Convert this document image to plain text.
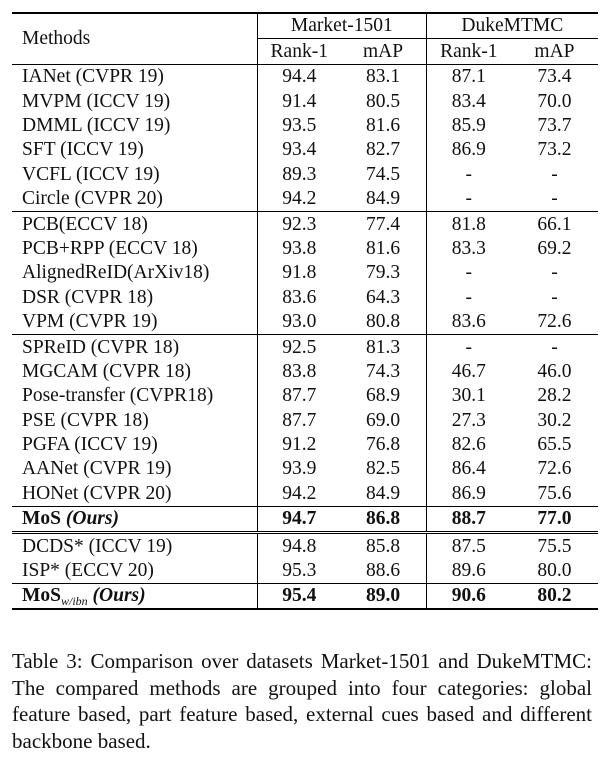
Methods	Market-1501		DukeMTMC	
	Rank-1	mAP	Rank-1	mAP
IANet (CVPR 19)	94.4	83.1	87.1	73.4
MVPM (ICCV 19)	91.4	80.5	83.4	70.0
DMML (ICCV 19)	93.5	81.6	85.9	73.7
SFT (ICCV 19)	93.4	82.7	86.9	73.2
VCFL (ICCV 19)	89.3	74.5	-	-
Circle (CVPR 20)	94.2	84.9	-	-
PCB(ECCV 18)	92.3	77.4	81.8	66.1
PCB+RPP (ECCV 18)	93.8	81.6	83.3	69.2
AlignedReID(ArXiv18)	91.8	79.3	-	-
DSR (CVPR 18)	83.6	64.3	-	-
VPM (CVPR 19)	93.0	80.8	83.6	72.6
SPReID (CVPR 18)	92.5	81.3	-	-
MGCAM (CVPR 18)	83.8	74.3	46.7	46.0
Pose-transfer (CVPR18)	87.7	68.9	30.1	28.2
PSE (CVPR 18)	87.7	69.0	27.3	30.2
PGFA (ICCV 19)	91.2	76.8	82.6	65.5
AANet (CVPR 19)	93.9	82.5	86.4	72.6
HONet (CVPR 20)	94.2	84.9	86.9	75.6
MoS (Ours)	94.7	86.8	88.7	77.0
DCDS* (ICCV 19)	94.8	85.8	87.5	75.5
ISP* (ECCV 20)	95.3	88.6	89.6	80.0
MoS$_{w/ibn}$ (Ours)	95.4	89.0	90.6	80.2
Table 3: Comparison over datasets Market-1501 and DukeMTMC: The compared methods are grouped into four categories: global feature based, part feature based, external cues based and different backbone based.
